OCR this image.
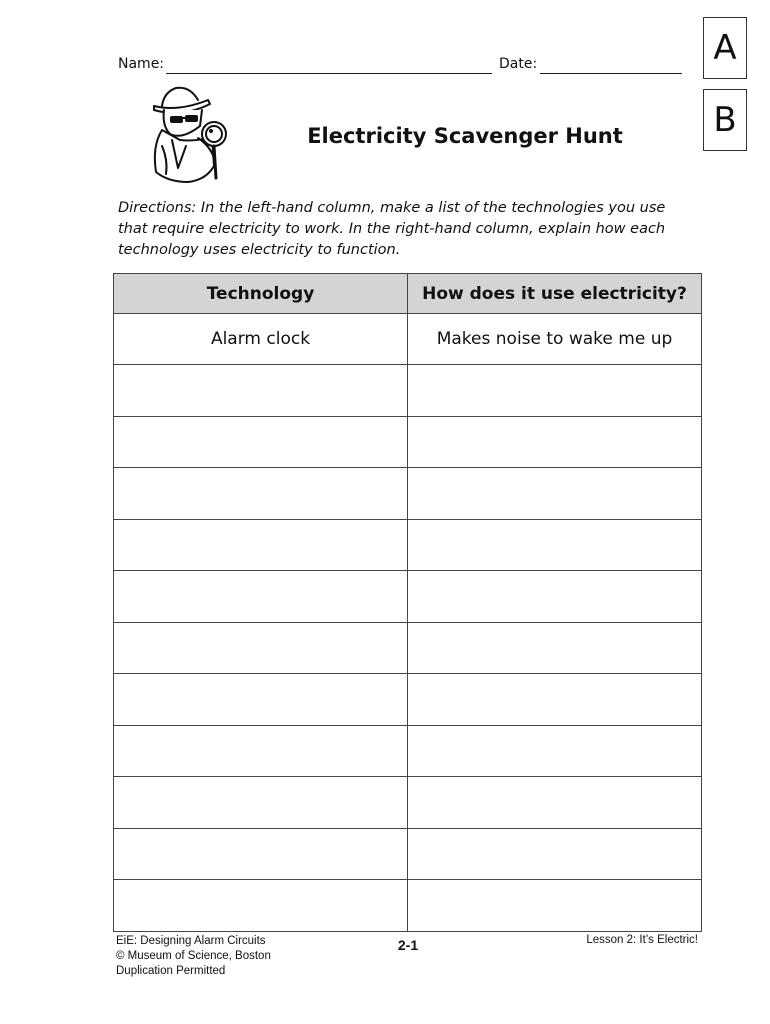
Name:	Date:	A
B
Electricity Scavenger Hunt
Directions: In the left-hand column, make a list of the technologies you use
that require electricity to work. In the right-hand column, explain how each
technology uses electricity to function.
Technology	How does it use electricity?
Alarm clock	Makes noise to wake me up

EiE: Designing Alarm Circuits
© Museum of Science, Boston
Duplication Permitted
2-1	Lesson 2: It’s Electric!
